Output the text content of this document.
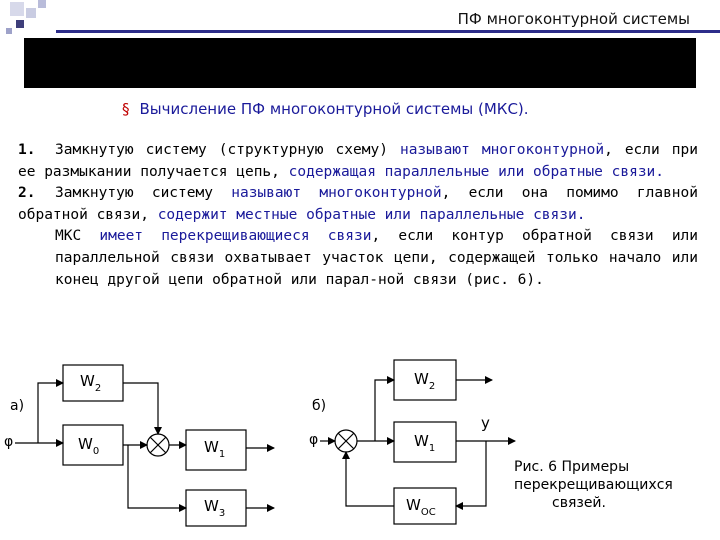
ПФ многоконтурной системы
§ Вычисление ПФ многоконтурной системы (МКС).

1. Замкнутую систему (структурную схему) называют многоконтурной, если при ее размыкании получается цепь, содержащая параллельные или обратные связи.

2. Замкнутую систему называют многоконтурной, если она помимо главной обратной связи, содержит местные обратные или параллельные связи.

МКС имеет перекрещивающиеся связи, если контур обратной связи или параллельной связи охватывает участок цепи, содержащей только начало или конец другой цепи обратной или парал-ной связи (рис. 6).

а)
φ
$W_2$
$W_0$	$W_1$
$W_3$
б)
φ
y
$W_2$
$W_1$
$W_{OC}$
Рис. 6 Примеры
перекрещивающихся
связей.
